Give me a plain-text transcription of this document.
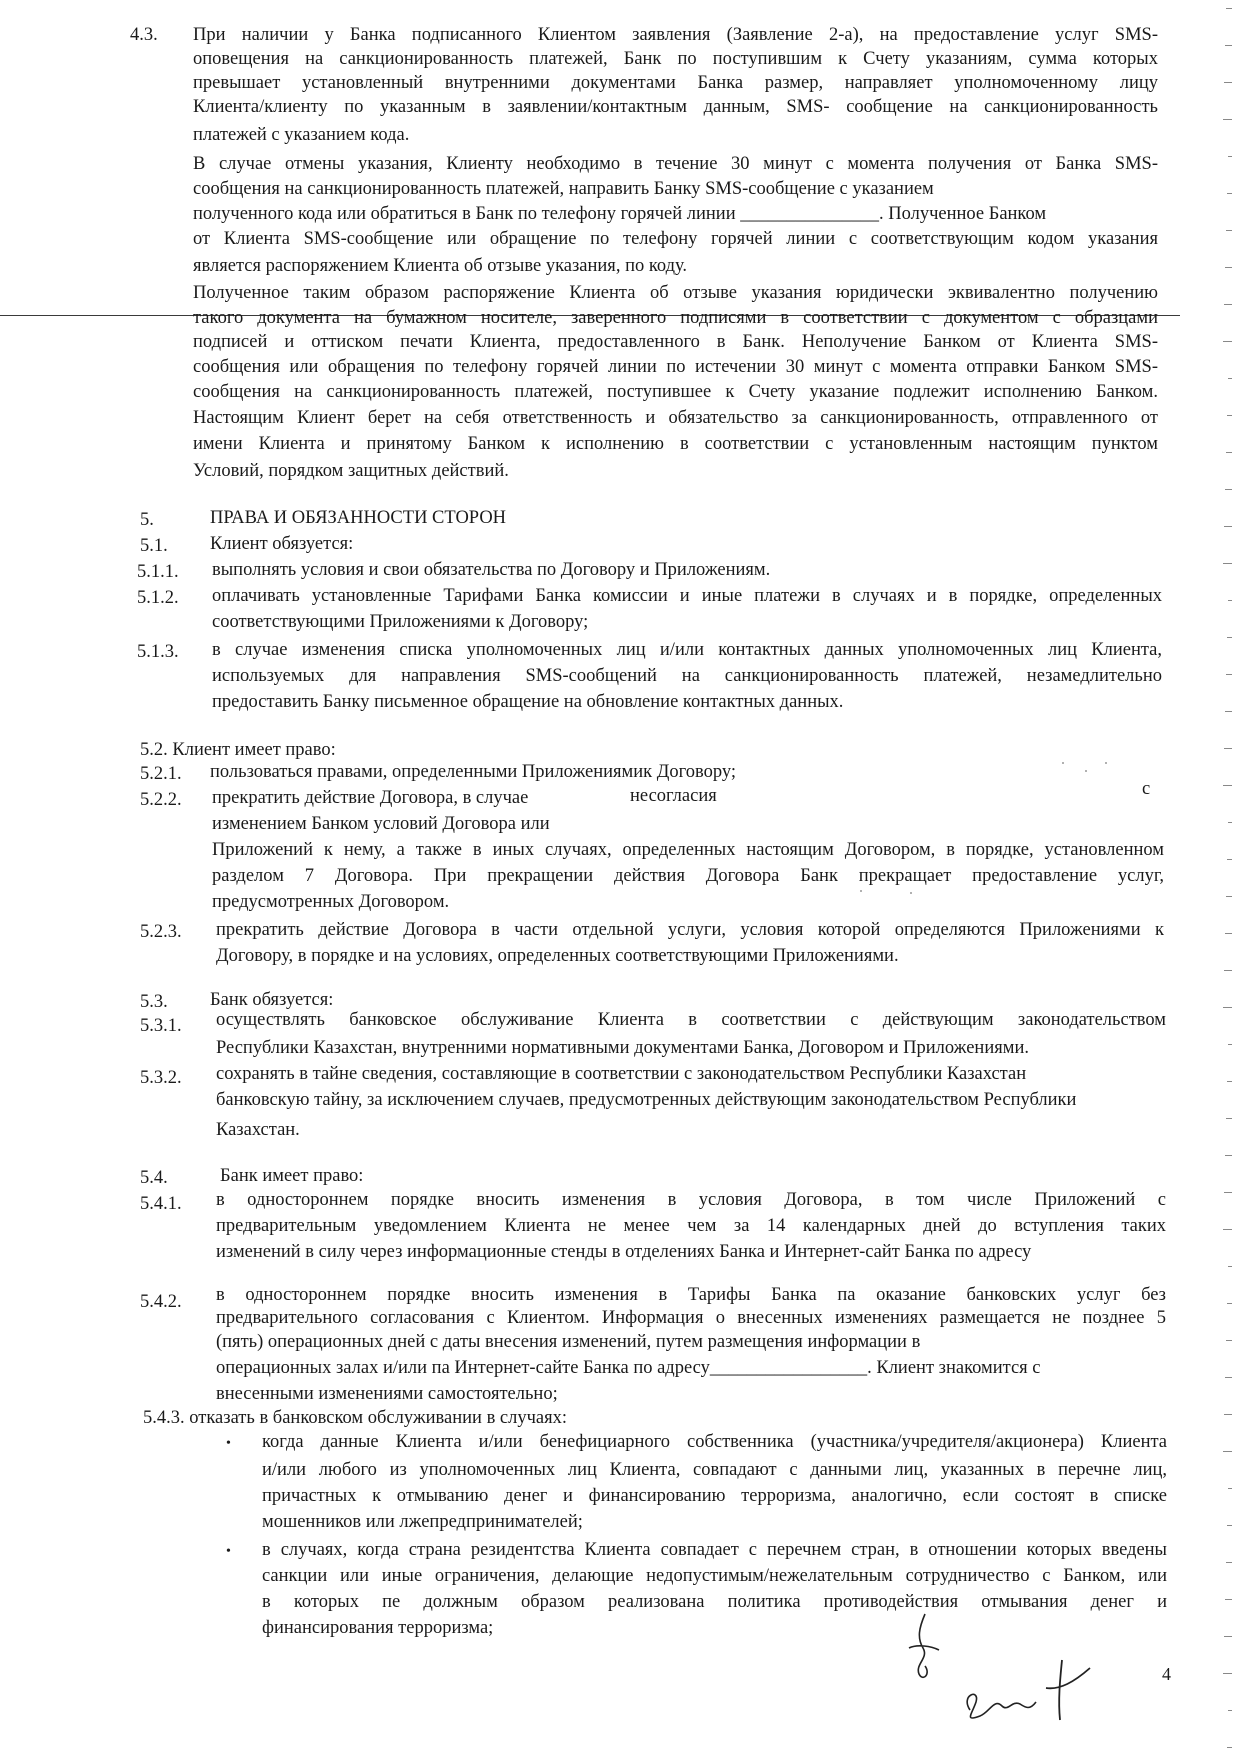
4.3. При наличии у Банка подписанного Клиентом заявления (Заявление 2-а), на предоставление услуг SMS-
оповещения на санкционированность платежей, Банк по поступившим к Счету указаниям, сумма которых
превышает установленный внутренними документами Банка размер, направляет уполномоченному лицу
Клиента/клиенту по указанным в заявлении/контактным данным, SMS- сообщение на санкционированность
платежей с указанием кода.
В случае отмены указания, Клиенту необходимо в течение 30 минут с момента получения от Банка SMS-
сообщения на санкционированность платежей, направить Банку SMS-сообщение с указанием
полученного кода или обратиться в Банк по телефону горячей линии _______________. Полученное Банком
от Клиента SMS-сообщение или обращение по телефону горячей линии с соответствующим кодом указания
является распоряжением Клиента об отзыве указания, по коду.
Полученное таким образом распоряжение Клиента об отзыве указания юридически эквивалентно получению
такого документа на бумажном носителе, заверенного подписями в соответствии с документом с образцами
подписей и оттиском печати Клиента, предоставленного в Банк. Неполучение Банком от Клиента SMS-
сообщения или обращения по телефону горячей линии по истечении 30 минут с момента отправки Банком SMS-
сообщения на санкционированность платежей, поступившее к Счету указание подлежит исполнению Банком.
Настоящим Клиент берет на себя ответственность и обязательство за санкционированность, отправленного от
имени Клиента и принятому Банком к исполнению в соответствии с установленным настоящим пунктом
Условий, порядком защитных действий.
5.	ПРАВА И ОБЯЗАННОСТИ СТОРОН
5.1. Клиент обязуется:
5.1.1. выполнять условия и свои обязательства по Договору и Приложениям.
5.1.2. оплачивать установленные Тарифами Банка комиссии и иные платежи в случаях и в порядке, определенных
соответствующими Приложениями к Договору;
5.1.3. в случае изменения списка уполномоченных лиц и/или контактных данных уполномоченных лиц Клиента,
используемых для направления SMS-сообщений на санкционированность платежей, незамедлительно
предоставить Банку письменное обращение на обновление контактных данных.
5.2. Клиент имеет право:
5.2.1. пользоваться правами, определенными Приложениямик Договору;
5.2.2. прекратить действие Договора, в случае	несогласия	с
изменением Банком условий Договора или
Приложений к нему, а также в иных случаях, определенных настоящим Договором, в порядке, установленном
разделом 7 Договора. При прекращении действия Договора Банк прекращает предоставление услуг,
предусмотренных Договором.
5.2.3. прекратить действие Договора в части отдельной услуги, условия которой определяются Приложениями к
Договору, в порядке и на условиях, определенных соответствующими Приложениями.
5.3. Банк обязуется:
5.3.1. осуществлять банковское обслуживание Клиента в соответствии с действующим законодательством
Республики Казахстан, внутренними нормативными документами Банка, Договором и Приложениями.
5.3.2. сохранять в тайне сведения, составляющие в соответствии с законодательством Республики Казахстан
банковскую тайну, за исключением случаев, предусмотренных действующим законодательством Республики
Казахстан.
5.4.	Банк имеет право:
5.4.1. в одностороннем порядке вносить изменения в условия Договора, в том числе Приложений с
предварительным уведомлением Клиента не менее чем за 14 календарных дней до вступления таких
изменений в силу через информационные стенды в отделениях Банка и Интернет-сайт Банка по адресу
5.4.2. в одностороннем порядке вносить изменения в Тарифы Банка па оказание банковских услуг без
предварительного согласования с Клиентом. Информация о внесенных изменениях размещается не позднее 5
(пять) операционных дней с даты внесения изменений, путем размещения информации в
операционных залах и/или па Интернет-сайте Банка по адресу_________________. Клиент знакомится с
внесенными изменениями самостоятельно;
5.4.3. отказать в банковском обслуживании в случаях:
• когда данные Клиента и/или бенефициарного собственника (участника/учредителя/акционера) Клиента
и/или любого из уполномоченных лиц Клиента, совпадают с данными лиц, указанных в перечне лиц,
причастных к отмыванию денег и финансированию терроризма, аналогично, если состоят в списке
мошенников или лжепредпринимателей;
• в случаях, когда страна резидентства Клиента совпадает с перечнем стран, в отношении которых введены
санкции или иные ограничения, делающие недопустимым/нежелательным сотрудничество с Банком, или
в которых пе должным образом реализована политика противодействия отмывания денег и
финансирования терроризма;
4
